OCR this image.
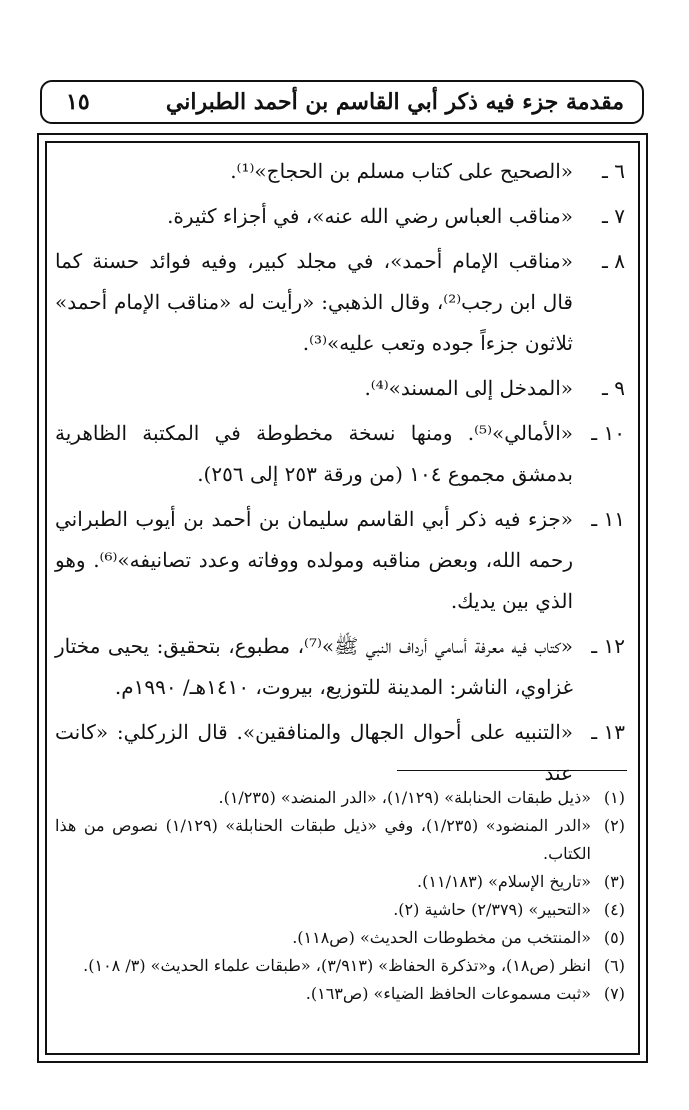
مقدمة جزء فيه ذكر أبي القاسم بن أحمد الطبراني
١٥
٦ ـ
«الصحيح على كتاب مسلم بن الحجاج»⁽¹⁾.
٧ ـ
«مناقب العباس رضي الله عنه»، في أجزاء كثيرة.
٨ ـ
«مناقب الإمام أحمد»، في مجلد كبير، وفيه فوائد حسنة كما قال ابن رجب⁽²⁾، وقال الذهبي: «رأيت له «مناقب الإمام أحمد» ثلاثون جزءاً جوده وتعب عليه»⁽³⁾.
٩ ـ
«المدخل إلى المسند»⁽⁴⁾.
١٠ ـ
«الأمالي»⁽⁵⁾. ومنها نسخة مخطوطة في المكتبة الظاهرية بدمشق مجموع ١٠٤ (من ورقة ٢٥٣ إلى ٢٥٦).
١١ ـ
«جزء فيه ذكر أبي القاسم سليمان بن أحمد بن أيوب الطبراني رحمه الله، وبعض مناقبه ومولده ووفاته وعدد تصانيفه»⁽⁶⁾. وهو الذي بين يديك.
١٢ ـ
«كتاب فيه معرفة أسامي أرداف النبي ﷺ»⁽⁷⁾، مطبوع، بتحقيق: يحيى مختار غزاوي، الناشر: المدينة للتوزيع، بيروت، ١٤١٠هـ/ ١٩٩٠م.
١٣ ـ
«التنبيه على أحوال الجهال والمنافقين». قال الزركلي: «كانت عند
(١)
«ذيل طبقات الحنابلة» (١/١٢٩)، «الدر المنضد» (١/٢٣٥).
(٢)
«الدر المنضود» (١/٢٣٥)، وفي «ذيل طبقات الحنابلة» (١/١٢٩) نصوص من هذا الكتاب.
(٣)
«تاريخ الإسلام» (١١/١٨٣).
(٤)
«التحبير» (٢/٣٧٩) حاشية (٢).
(٥)
«المنتخب من مخطوطات الحديث» (ص١١٨).
(٦)
انظر (ص١٨)، و«تذكرة الحفاظ» (٣/٩١٣)، «طبقات علماء الحديث» (٣/ ١٠٨).
(٧)
«ثبت مسموعات الحافظ الضياء» (ص١٦٣).
